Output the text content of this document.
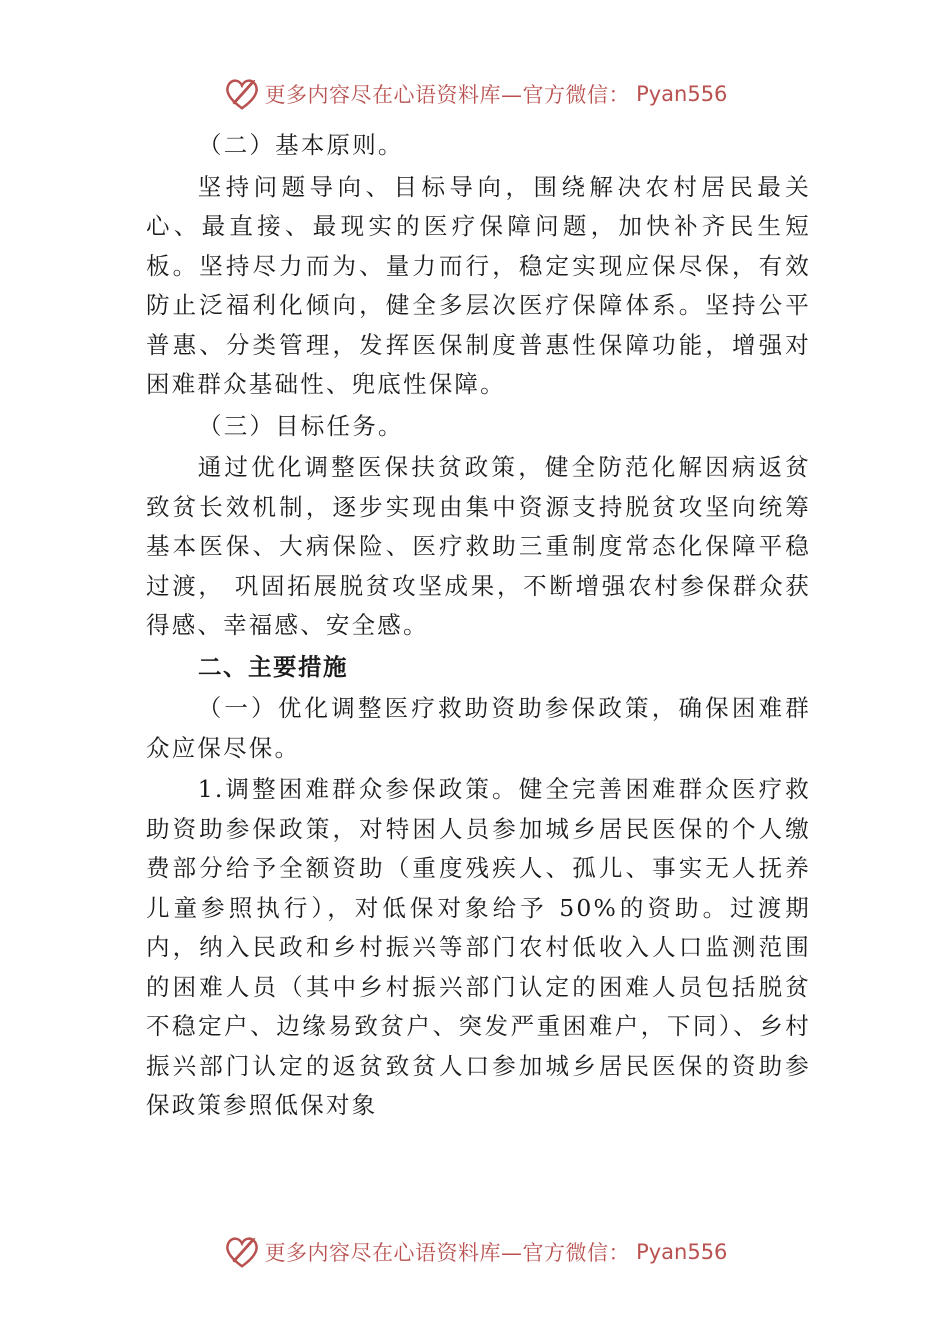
更多内容尽在心语资料库—官方微信： Pyan556

（二）基本原则。

坚持问题导向、目标导向，围绕解决农村居民最关心、最直接、最现实的医疗保障问题，加快补齐民生短板。坚持尽力而为、量力而行，稳定实现应保尽保，有效防止泛福利化倾向，健全多层次医疗保障体系。坚持公平普惠、分类管理，发挥医保制度普惠性保障功能，增强对困难群众基础性、兜底性保障。

（三）目标任务。

通过优化调整医保扶贫政策，健全防范化解因病返贫致贫长效机制，逐步实现由集中资源支持脱贫攻坚向统筹基本医保、大病保险、医疗救助三重制度常态化保障平稳过渡， 巩固拓展脱贫攻坚成果，不断增强农村参保群众获得感、幸福感、安全感。

二、主要措施

（一）优化调整医疗救助资助参保政策，确保困难群众应保尽保。

1.调整困难群众参保政策。健全完善困难群众医疗救助资助参保政策，对特困人员参加城乡居民医保的个人缴费部分给予全额资助（重度残疾人、孤儿、事实无人抚养儿童参照执行），对低保对象给予 50%的资助。过渡期内，纳入民政和乡村振兴等部门农村低收入人口监测范围的困难人员（其中乡村振兴部门认定的困难人员包括脱贫不稳定户、边缘易致贫户、突发严重困难户，下同）、乡村振兴部门认定的返贫致贫人口参加城乡居民医保的资助参保政策参照低保对象

更多内容尽在心语资料库—官方微信： Pyan556
